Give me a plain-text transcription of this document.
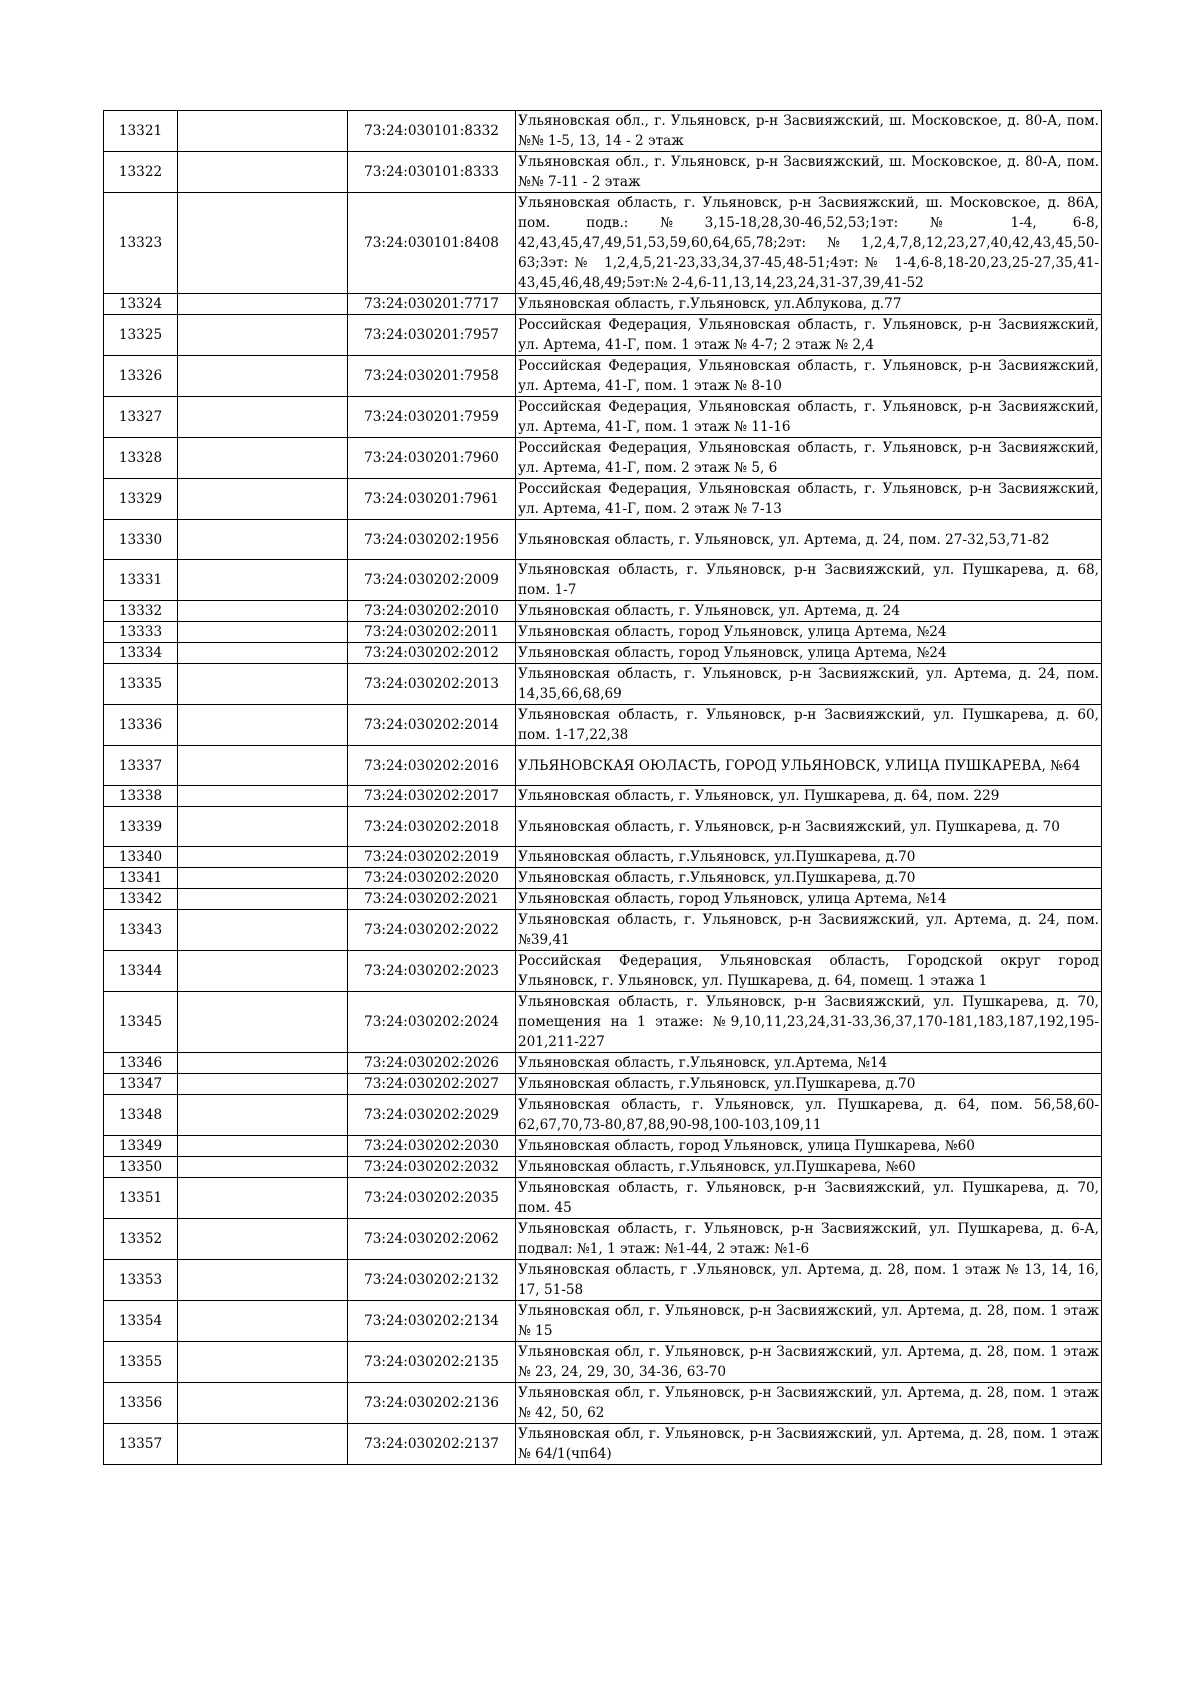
13321		73:24:030101:8332	Ульяновская обл., г. Ульяновск, р-н Засвияжский, ш. Московское, д. 80-А, пом. №№ 1-5, 13, 14 - 2 этаж
13322		73:24:030101:8333	Ульяновская обл., г. Ульяновск, р-н Засвияжский, ш. Московское, д. 80-А, пом. №№ 7-11 - 2 этаж
13323		73:24:030101:8408	Ульяновская область, г. Ульяновск, р-н Засвияжский, ш. Московское, д. 86А, пом. подв.:№3,15-18,28,30-46,52,53;1эт:№ 1-4, 6-8, 42,43,45,47,49,51,53,59,60,64,65,78;2эт:№1,2,4,7,8,12,23,27,40,42,43,45,50-63;3эт:№ 1,2,4,5,21-23,33,34,37-45,48-51;4эт:№ 1-4,6-8,18-20,23,25-27,35,41-43,45,46,48,49;5эт:№ 2-4,6-11,13,14,23,24,31-37,39,41-52
13324		73:24:030201:7717	Ульяновская область, г.Ульяновск, ул.Аблукова, д.77
13325		73:24:030201:7957	Российская Федерация, Ульяновская область, г. Ульяновск, р-н Засвияжский, ул. Артема, 41-Г, пом. 1 этаж № 4-7; 2 этаж № 2,4
13326		73:24:030201:7958	Российская Федерация, Ульяновская область, г. Ульяновск, р-н Засвияжский, ул. Артема, 41-Г, пом. 1 этаж № 8-10
13327		73:24:030201:7959	Российская Федерация, Ульяновская область, г. Ульяновск, р-н Засвияжский, ул. Артема, 41-Г, пом. 1 этаж № 11-16
13328		73:24:030201:7960	Российская Федерация, Ульяновская область, г. Ульяновск, р-н Засвияжский, ул. Артема, 41-Г, пом. 2 этаж № 5, 6
13329		73:24:030201:7961	Российская Федерация, Ульяновская область, г. Ульяновск, р-н Засвияжский, ул. Артема, 41-Г, пом. 2 этаж № 7-13
13330		73:24:030202:1956	Ульяновская область, г. Ульяновск, ул. Артема, д. 24, пом. 27-32,53,71-82
13331		73:24:030202:2009	Ульяновская область, г. Ульяновск, р-н Засвияжский, ул. Пушкарева, д. 68, пом. 1-7
13332		73:24:030202:2010	Ульяновская область, г. Ульяновск, ул. Артема, д. 24
13333		73:24:030202:2011	Ульяновская область, город Ульяновск, улица Артема, №24
13334		73:24:030202:2012	Ульяновская область, город Ульяновск, улица Артема, №24
13335		73:24:030202:2013	Ульяновская область, г. Ульяновск, р-н Засвияжский, ул. Артема, д. 24, пом. 14,35,66,68,69
13336		73:24:030202:2014	Ульяновская область, г. Ульяновск, р-н Засвияжский, ул. Пушкарева, д. 60, пом. 1-17,22,38
13337		73:24:030202:2016	УЛЬЯНОВСКАЯ ОЮЛАСТЬ, ГОРОД УЛЬЯНОВСК, УЛИЦА ПУШКАРЕВА, №64
13338		73:24:030202:2017	Ульяновская область, г. Ульяновск, ул. Пушкарева, д. 64, пом. 229
13339		73:24:030202:2018	Ульяновская область, г. Ульяновск, р-н Засвияжский, ул. Пушкарева, д. 70
13340		73:24:030202:2019	Ульяновская область, г.Ульяновск, ул.Пушкарева, д.70
13341		73:24:030202:2020	Ульяновская область, г.Ульяновск, ул.Пушкарева, д.70
13342		73:24:030202:2021	Ульяновская область, город Ульяновск, улица Артема, №14
13343		73:24:030202:2022	Ульяновская область, г. Ульяновск, р-н Засвияжский, ул. Артема, д. 24, пом. №39,41
13344		73:24:030202:2023	Российская Федерация, Ульяновская область, Городской округ город Ульяновск, г. Ульяновск, ул. Пушкарева, д. 64, помещ. 1 этажа 1
13345		73:24:030202:2024	Ульяновская область, г. Ульяновск, р-н Засвияжский, ул. Пушкарева, д. 70, помещения на 1 этаже: №9,10,11,23,24,31-33,36,37,170-181,183,187,192,195-201,211-227
13346		73:24:030202:2026	Ульяновская область, г.Ульяновск, ул.Артема, №14
13347		73:24:030202:2027	Ульяновская область, г.Ульяновск, ул.Пушкарева, д.70
13348		73:24:030202:2029	Ульяновская область, г. Ульяновск, ул. Пушкарева, д. 64, пом. 56,58,60-62,67,70,73-80,87,88,90-98,100-103,109,11
13349		73:24:030202:2030	Ульяновская область, город Ульяновск, улица Пушкарева, №60
13350		73:24:030202:2032	Ульяновская область, г.Ульяновск, ул.Пушкарева, №60
13351		73:24:030202:2035	Ульяновская область, г. Ульяновск, р-н Засвияжский, ул. Пушкарева, д. 70, пом. 45
13352		73:24:030202:2062	Ульяновская область, г. Ульяновск, р-н Засвияжский, ул. Пушкарева, д. 6-А, подвал: №1, 1 этаж: №1-44, 2 этаж: №1-6
13353		73:24:030202:2132	Ульяновская область, г .Ульяновск, ул. Артема, д. 28, пом. 1 этаж № 13, 14, 16, 17, 51-58
13354		73:24:030202:2134	Ульяновская обл, г. Ульяновск, р-н Засвияжский, ул. Артема, д. 28, пом. 1 этаж № 15
13355		73:24:030202:2135	Ульяновская обл, г. Ульяновск, р-н Засвияжский, ул. Артема, д. 28, пом. 1 этаж № 23, 24, 29, 30, 34-36, 63-70
13356		73:24:030202:2136	Ульяновская обл, г. Ульяновск, р-н Засвияжский, ул. Артема, д. 28, пом. 1 этаж № 42, 50, 62
13357		73:24:030202:2137	Ульяновская обл, г. Ульяновск, р-н Засвияжский, ул. Артема, д. 28, пом. 1 этаж № 64/1(чп64)
